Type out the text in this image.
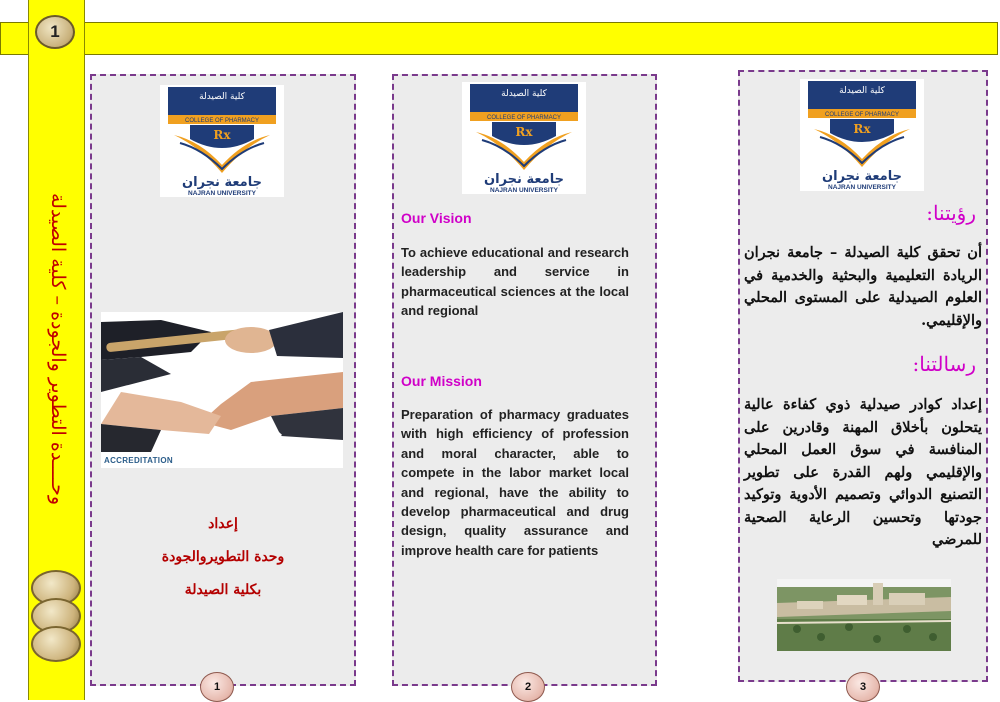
وحــــدة التطوير والجودة – كلية الصيدلة
1
كلية الصيدلة
COLLEGE OF PHARMACY
Rx
جامعة نجران
NAJRAN UNIVERSITY
ACCREDITATION
إعداد
وحدة التطويروالجودة
بكلية الصيدلة
1
كلية الصيدلة
COLLEGE OF PHARMACY
Rx
جامعة نجران
NAJRAN UNIVERSITY
Our Vision
To achieve educational and research leadership and service in pharmaceutical sciences at the local and regional
Our Mission
Preparation of pharmacy graduates with high efficiency of profession and moral character, able to compete in the labor market local and regional, have the ability to develop pharmaceutical and drug design, quality assurance and improve health care for patients
2
كلية الصيدلة
COLLEGE OF PHARMACY
Rx
جامعة نجران
NAJRAN UNIVERSITY
رؤيتنا:
أن تحقق كلية الصيدلة – جامعة نجران الريادة التعليمية والبحثية والخدمية في العلوم الصيدلية على المستوى المحلي والإقليمي.
رسالتنا:
إعداد كوادر صيدلية ذوي كفاءة عالية يتحلون بأخلاق المهنة وقادرين على المنافسة في سوق العمل المحلي والإقليمي ولهم القدرة على تطوير التصنيع الدوائي وتصميم الأدوية وتوكيد جودتها وتحسين الرعاية الصحية للمرضي
3
